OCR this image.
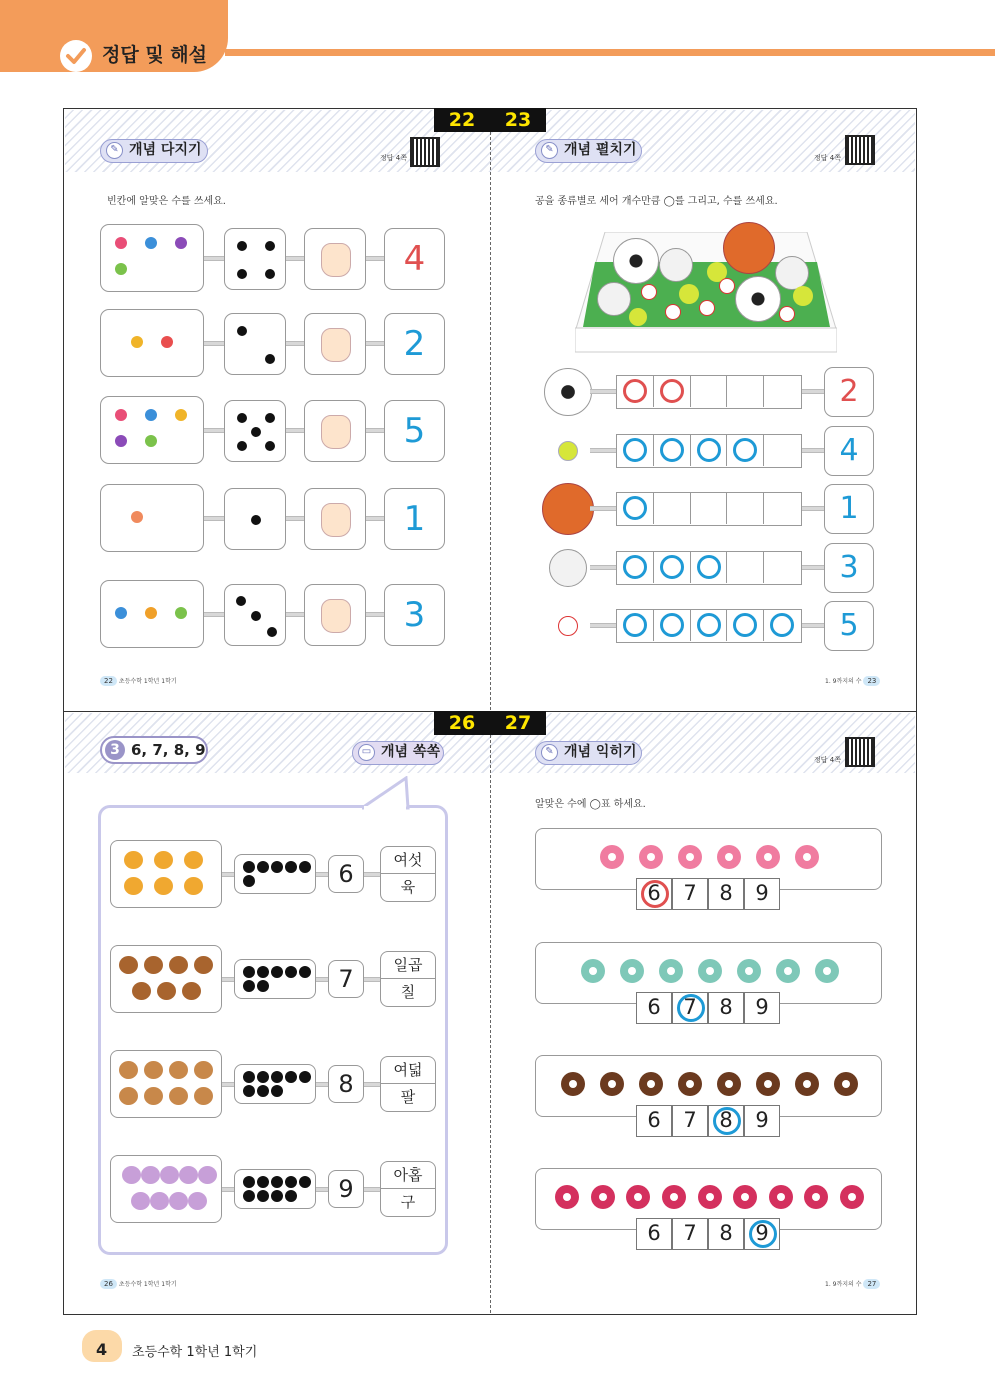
정답 및 해설
22	23
✎ 개념 다지기	정답 4쪽
빈칸에 알맞은 수를 쓰세요.
✎ 개념 펼치기	정답 4쪽
공을 종류별로 세어 개수만큼 ◯를 그리고, 수를 쓰세요.
4
2
5
1
3
2
4
1
3
5
22 초등수학 1학년 1학기	1. 9까지의 수 23
26	27
3 6, 7, 8, 9	▭ 개념 쏙쏙
6	여섯
육
7	일곱
칠
8	여덟
팔
9	아홉
구
✎ 개념 익히기	정답 4쪽
알맞은 수에 ◯표 하세요.
6	7	8	9
6	7	8	9
6	7	8	9
6	7	8	9
26 초등수학 1학년 1학기	1. 9까지의 수 27
4 초등수학 1학년 1학기
